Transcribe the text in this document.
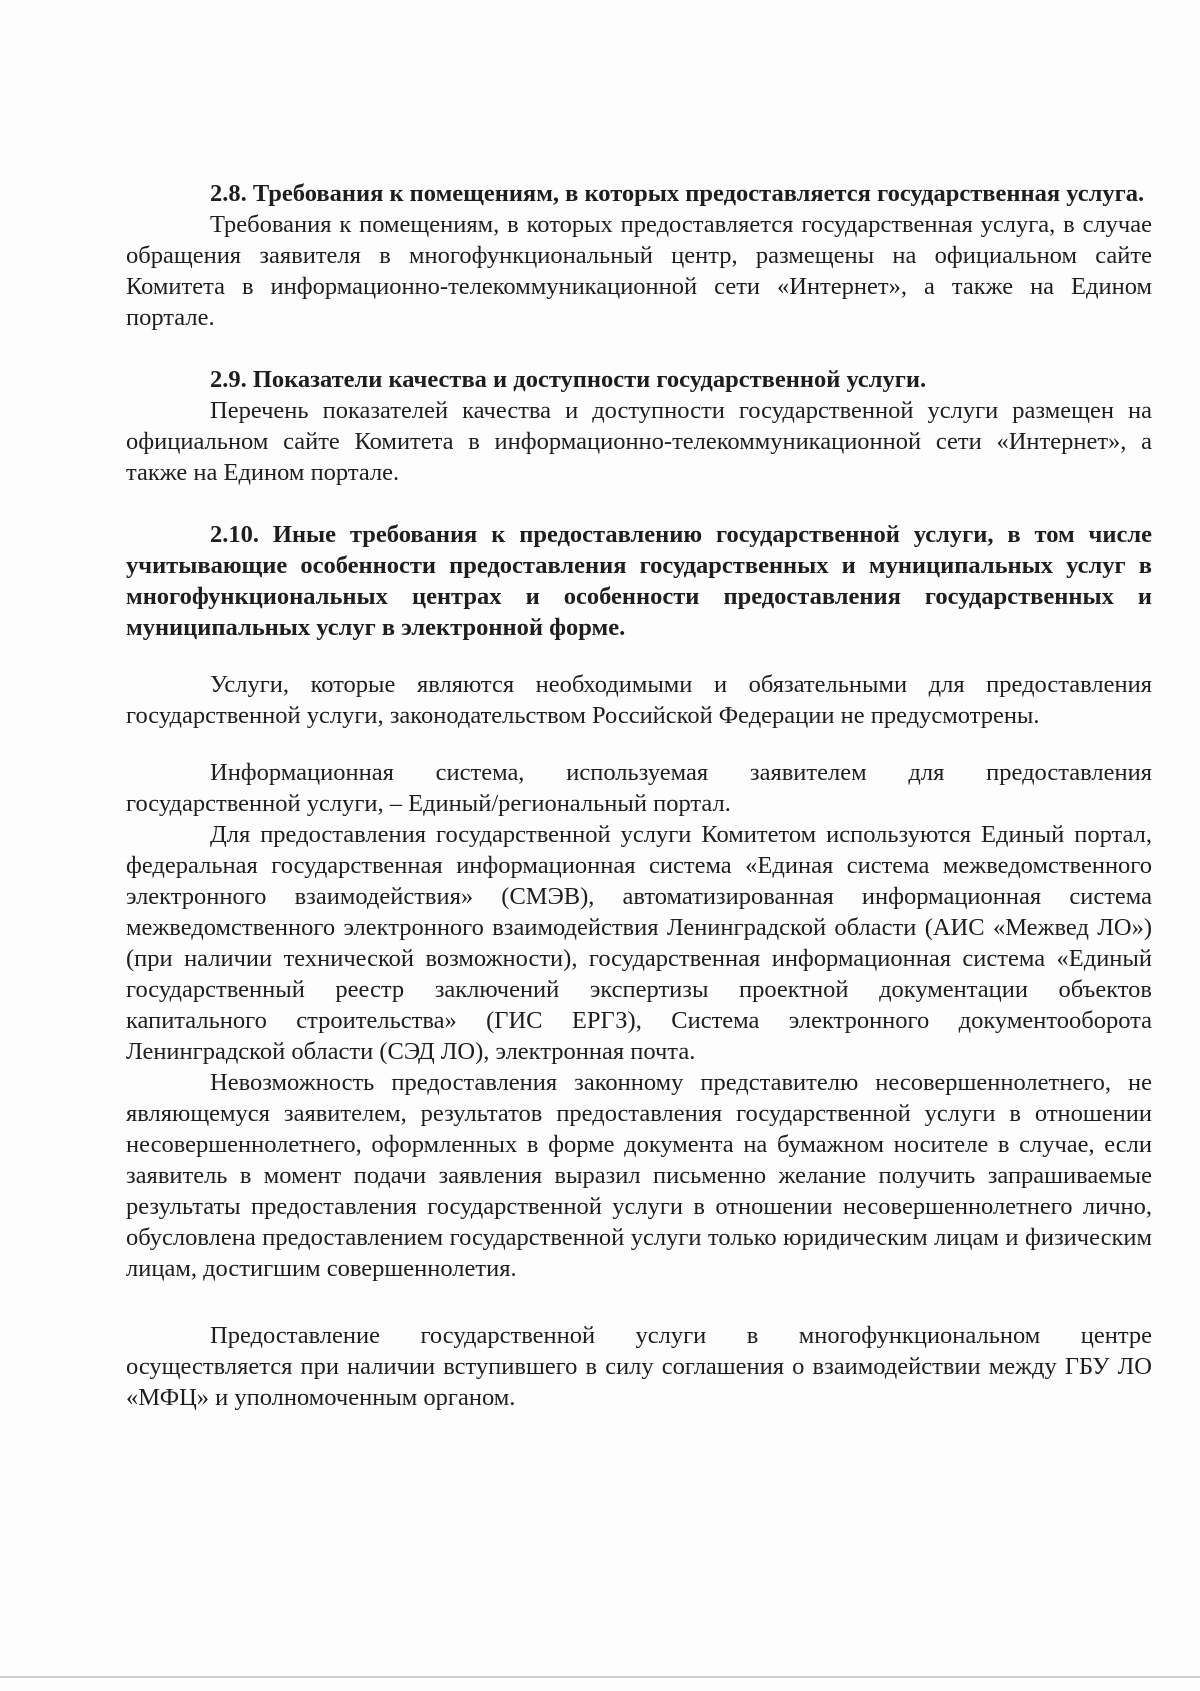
2.8. Требования к помещениям, в которых предоставляется государственная услуга.

Требования к помещениям, в которых предоставляется государственная услуга, в случае обращения заявителя в многофункциональный центр, размещены на официальном сайте Комитета в информационно-телекоммуникационной сети «Интернет», а также на Едином портале.

2.9. Показатели качества и доступности государственной услуги.

Перечень показателей качества и доступности государственной услуги размещен на официальном сайте Комитета в информационно-телекоммуникационной сети «Интернет», а также на Едином портале.

2.10. Иные требования к предоставлению государственной услуги, в том числе учитывающие особенности предоставления государственных и муниципальных услуг в многофункциональных центрах и особенности предоставления государственных и муниципальных услуг в электронной форме.

Услуги, которые являются необходимыми и обязательными для предоставления государственной услуги, законодательством Российской Федерации не предусмотрены.

Информационная система, используемая заявителем для предоставления государственной услуги, – Единый/региональный портал.

Для предоставления государственной услуги Комитетом используются Единый портал, федеральная государственная информационная система «Единая система межведомственного электронного взаимодействия» (СМЭВ), автоматизированная информационная система межведомственного электронного взаимодействия Ленинградской области (АИС «Межвед ЛО») (при наличии технической возможности), государственная информационная система «Единый государственный реестр заключений экспертизы проектной документации объектов капитального строительства» (ГИС ЕРГЗ), Система электронного документооборота Ленинградской области (СЭД ЛО), электронная почта.

Невозможность предоставления законному представителю несовершеннолетнего, не являющемуся заявителем, результатов предоставления государственной услуги в отношении несовершеннолетнего, оформленных в форме документа на бумажном носителе в случае, если заявитель в момент подачи заявления выразил письменно желание получить запрашиваемые результаты предоставления государственной услуги в отношении несовершеннолетнего лично, обусловлена предоставлением государственной услуги только юридическим лицам и физическим лицам, достигшим совершеннолетия.

Предоставление государственной услуги в многофункциональном центре осуществляется при наличии вступившего в силу соглашения о взаимодействии между ГБУ ЛО «МФЦ» и уполномоченным органом.
